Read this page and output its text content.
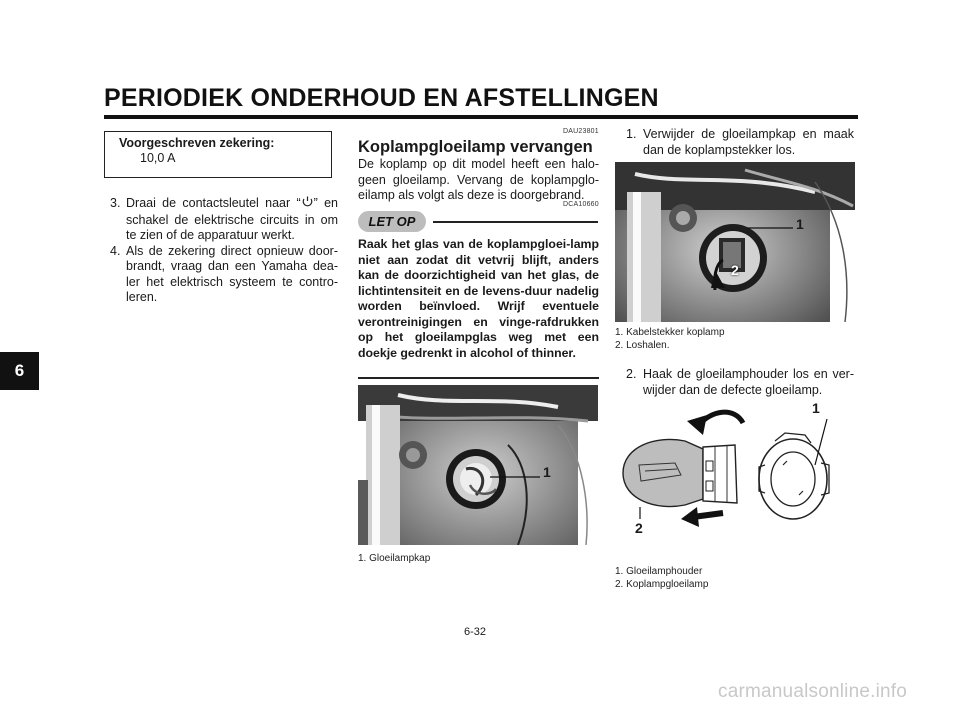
PERIODIEK ONDERHOUD EN AFSTELLINGEN
6
Voorgeschreven zekering:
10,0 A
3. Draai de contactsleutel naar “ ” en schakel de elektrische circuits in om te zien of de apparatuur werkt.
4. Als de zekering direct opnieuw door-brandt, vraag dan een Yamaha dea-ler het elektrisch systeem te contro-leren.
DAU23801
Koplampgloeilamp vervangen
De koplamp op dit model heeft een halo-geen gloeilamp. Vervang de koplampglo-eilamp als volgt als deze is doorgebrand.
DCA10660
LET OP
Raak het glas van de koplampgloei-lamp niet aan zodat dit vetvrij blijft, anders kan de doorzichtigheid van het glas, de lichtintensiteit en de levens-duur nadelig worden beïnvloed. Wrijf eventuele verontreinigingen en vinge-rafdrukken op het gloeilampglas weg met een doekje gedrenkt in alcohol of thinner.
1
1. Gloeilampkap
1. Verwijder de gloeilampkap en maak dan de koplampstekker los.
1
2
1. Kabelstekker koplamp
2. Loshalen.
2. Haak de gloeilamphouder los en ver-wijder dan de defecte gloeilamp.
1
2
1. Gloeilamphouder
2. Koplampgloeilamp
6-32
carmanualsonline.info
